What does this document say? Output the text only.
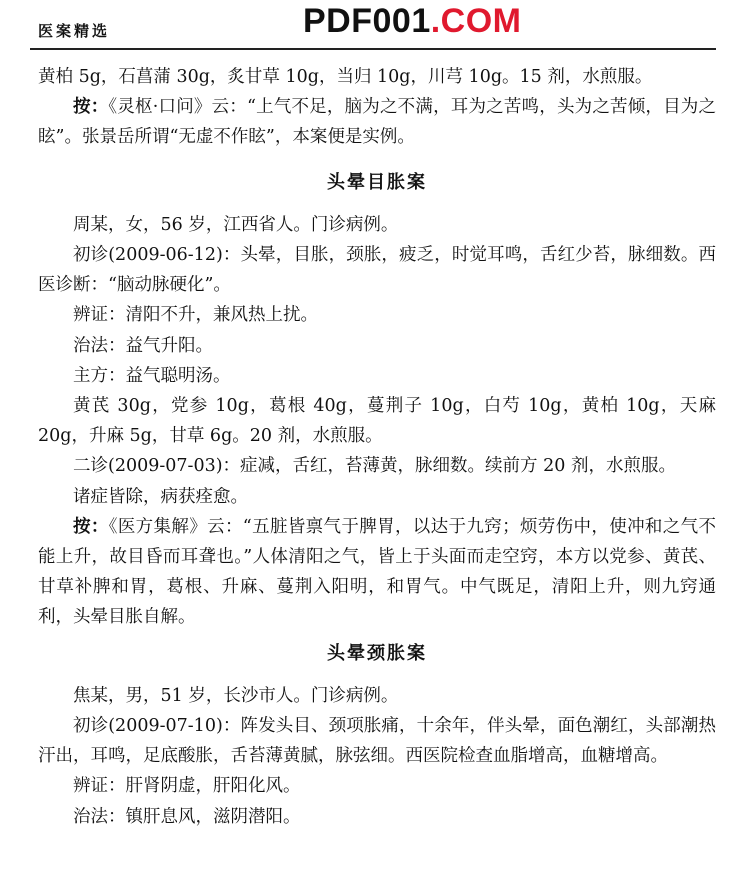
医案精选	PDF001.COM

黄柏 5g，石菖蒲 30g，炙甘草 10g，当归 10g，川芎 10g。15 剂，水煎服。

按：《灵枢·口问》云：“上气不足，脑为之不满，耳为之苦鸣，头为之苦倾，目为之眩”。张景岳所谓“无虚不作眩”，本案便是实例。

头晕目胀案

周某，女，56 岁，江西省人。门诊病例。

初诊(2009-06-12)：头晕，目胀，颈胀，疲乏，时觉耳鸣，舌红少苔，脉细数。西医诊断：“脑动脉硬化”。

辨证：清阳不升，兼风热上扰。

治法：益气升阳。

主方：益气聪明汤。

黄芪 30g，党参 10g，葛根 40g，蔓荆子 10g，白芍 10g，黄柏 10g，天麻 20g，升麻 5g，甘草 6g。20 剂，水煎服。

二诊(2009-07-03)：症减，舌红，苔薄黄，脉细数。续前方 20 剂，水煎服。

诸症皆除，病获痊愈。

按：《医方集解》云：“五脏皆禀气于脾胃，以达于九窍；烦劳伤中，使冲和之气不能上升，故目昏而耳聋也。”人体清阳之气，皆上于头面而走空窍，本方以党参、黄芪、甘草补脾和胃，葛根、升麻、蔓荆入阳明，和胃气。中气既足，清阳上升，则九窍通利，头晕目胀自解。

头晕颈胀案

焦某，男，51 岁，长沙市人。门诊病例。

初诊(2009-07-10)：阵发头目、颈项胀痛，十余年，伴头晕，面色潮红，头部潮热汗出，耳鸣，足底酸胀，舌苔薄黄腻，脉弦细。西医院检查血脂增高，血糖增高。

辨证：肝肾阴虚，肝阳化风。

治法：镇肝息风，滋阴潜阳。
